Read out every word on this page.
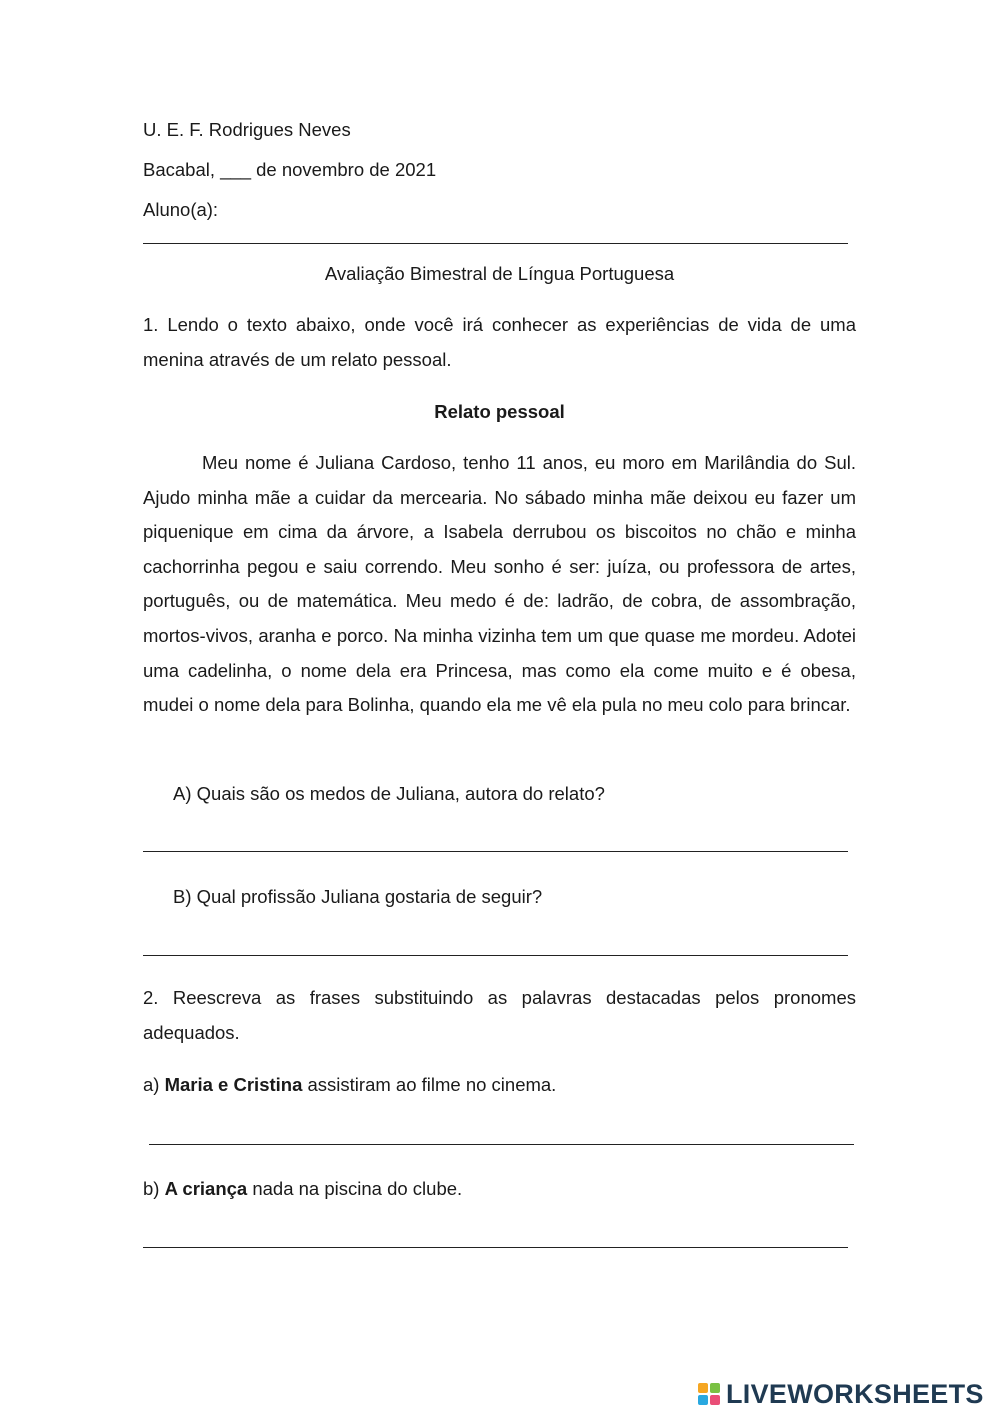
U. E. F. Rodrigues Neves
Bacabal, ___ de novembro de 2021
Aluno(a):
Avaliação Bimestral de Língua Portuguesa
1. Lendo o texto abaixo, onde você irá conhecer as experiências de vida de uma menina através de um relato pessoal.
Relato pessoal
Meu nome é Juliana Cardoso, tenho 11 anos, eu moro em Marilândia do Sul. Ajudo minha mãe a cuidar da mercearia. No sábado minha mãe deixou eu fazer um piquenique em cima da árvore, a Isabela derrubou os biscoitos no chão e minha cachorrinha pegou e saiu correndo. Meu sonho é ser: juíza, ou professora de artes, português, ou de matemática. Meu medo é de: ladrão, de cobra, de assombração, mortos-vivos, aranha e porco. Na minha vizinha tem um que quase me mordeu. Adotei uma cadelinha, o nome dela era Princesa, mas como ela come muito e é obesa, mudei o nome dela para Bolinha, quando ela me vê ela pula no meu colo para brincar.
A) Quais são os medos de Juliana, autora do relato?
B) Qual profissão Juliana gostaria de seguir?
2. Reescreva as frases substituindo as palavras destacadas pelos pronomes adequados.
a) Maria e Cristina assistiram ao filme no cinema.
b) A criança nada na piscina do clube.
LIVEWORKSHEETS
